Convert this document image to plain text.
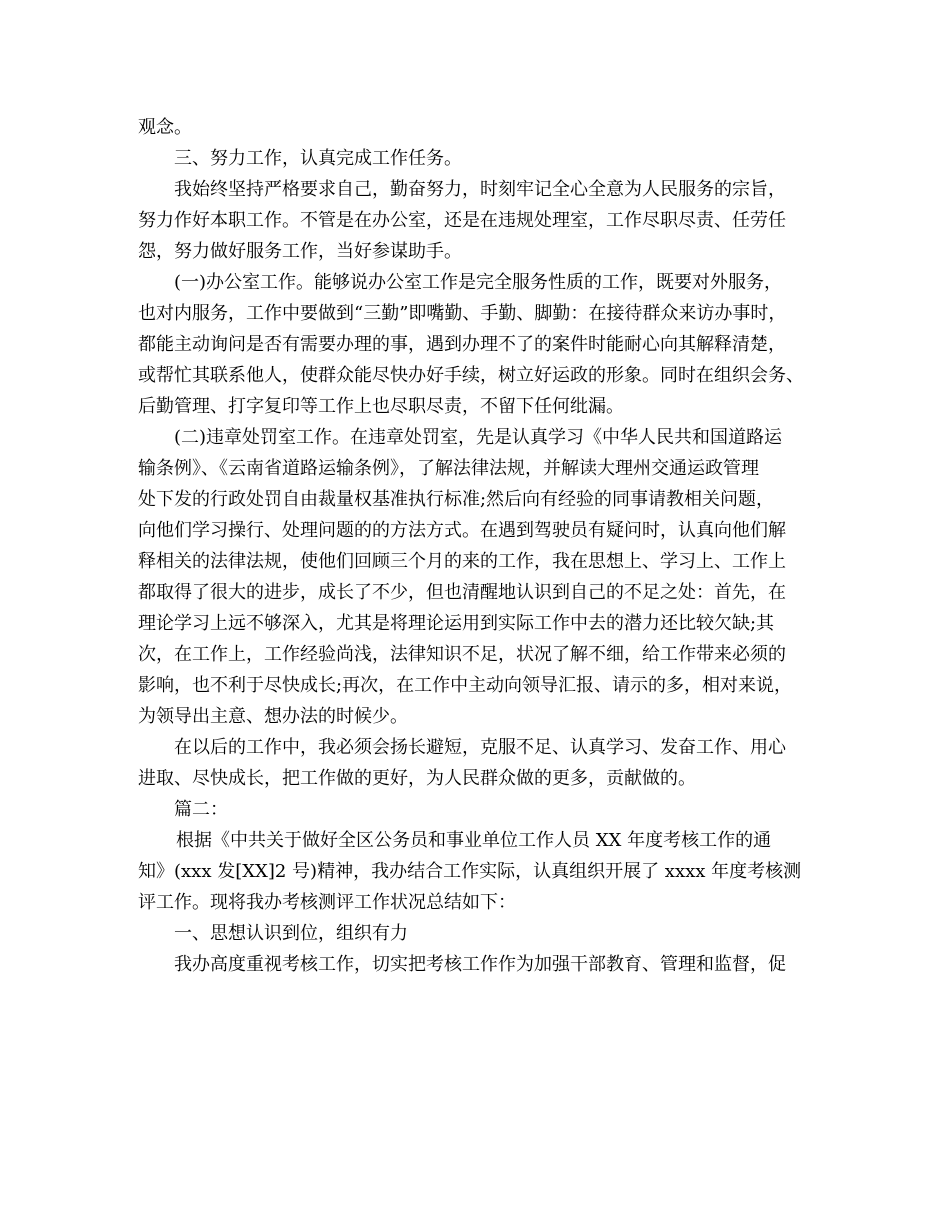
观念。
三、努力工作，认真完成工作任务。
我始终坚持严格要求自己，勤奋努力，时刻牢记全心全意为人民服务的宗旨，
努力作好本职工作。不管是在办公室，还是在违规处理室，工作尽职尽责、任劳任
怨，努力做好服务工作，当好参谋助手。
(一)办公室工作。能够说办公室工作是完全服务性质的工作，既要对外服务，
也对内服务，工作中要做到“三勤”即嘴勤、手勤、脚勤：在接待群众来访办事时，
都能主动询问是否有需要办理的事，遇到办理不了的案件时能耐心向其解释清楚，
或帮忙其联系他人，使群众能尽快办好手续，树立好运政的形象。同时在组织会务、
后勤管理、打字复印等工作上也尽职尽责，不留下任何纰漏。
(二)违章处罚室工作。在违章处罚室，先是认真学习《中华人民共和国道路运
输条例》、《云南省道路运输条例》，了解法律法规，并解读大理州交通运政管理
处下发的行政处罚自由裁量权基准执行标准;然后向有经验的同事请教相关问题，
向他们学习操行、处理问题的的方法方式。在遇到驾驶员有疑问时，认真向他们解
释相关的法律法规，使他们回顾三个月的来的工作，我在思想上、学习上、工作上
都取得了很大的进步，成长了不少，但也清醒地认识到自己的不足之处：首先，在
理论学习上远不够深入，尤其是将理论运用到实际工作中去的潜力还比较欠缺;其
次，在工作上，工作经验尚浅，法律知识不足，状况了解不细，给工作带来必须的
影响，也不利于尽快成长;再次，在工作中主动向领导汇报、请示的多，相对来说，
为领导出主意、想办法的时候少。
在以后的工作中，我必须会扬长避短，克服不足、认真学习、发奋工作、用心
进取、尽快成长，把工作做的更好，为人民群众做的更多，贡献做的。
篇二：
根据《中共关于做好全区公务员和事业单位工作人员 XX 年度考核工作的通
知》(xxx 发[XX]2 号)精神，我办结合工作实际，认真组织开展了 xxxx 年度考核测
评工作。现将我办考核测评工作状况总结如下：
一、思想认识到位，组织有力
我办高度重视考核工作，切实把考核工作作为加强干部教育、管理和监督，促
